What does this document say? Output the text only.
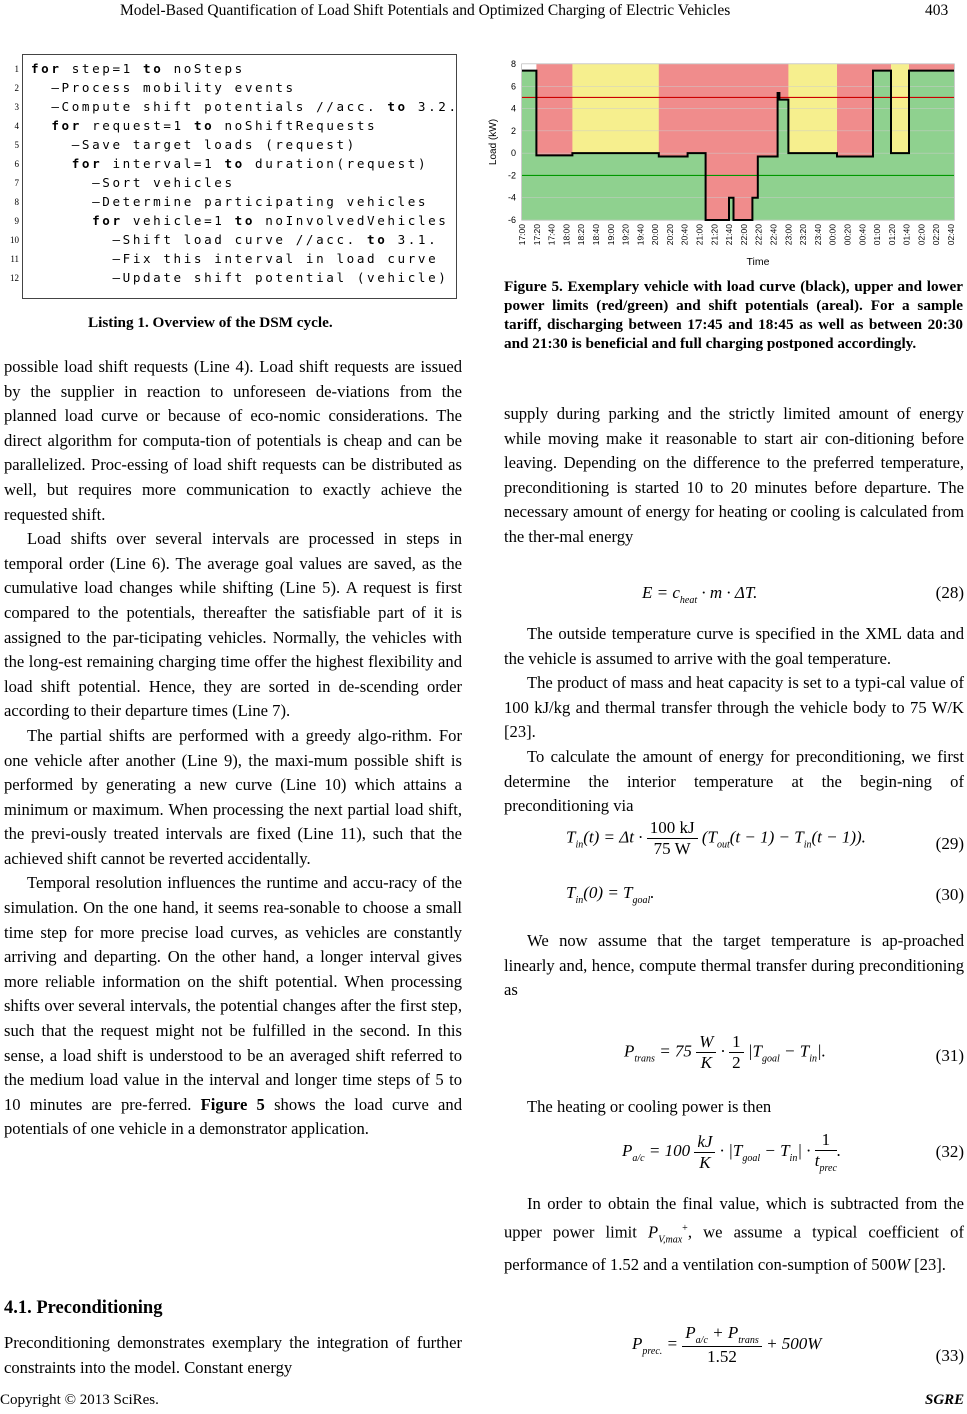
Model-Based Quantification of Load Shift Potentials and Optimized Charging of Electric Vehicles	403
1 for step=1 to noSteps
2 —Process mobility events
3 —Compute shift potentials //acc. to 3.2.
4	for request=1 to noShiftRequests
5 —Save target loads (request)
6	for interval=1 to duration(request)
7 —Sort vehicles
8 —Determine participating vehicles
9	for vehicle=1 to noInvolvedVehicles
10 —Shift load curve //acc. to 3.1.
11 —Fix this interval in load curve
12 —Update shift potential (vehicle)
Listing 1. Overview of the DSM cycle.

possible load shift requests (Line 4). Load shift requests are issued by the supplier in reaction to unforeseen de-viations from the planned load curve or because of eco-nomic considerations. The direct algorithm for computa-tion of potentials is cheap and can be parallelized. Proc-essing of load shift requests can be distributed as well, but requires more communication to exactly achieve the requested shift.

Load shifts over several intervals are processed in steps in temporal order (Line 6). The average goal values are saved, as the cumulative load changes while shifting (Line 5). A request is first compared to the potentials, thereafter the satisfiable part of it is assigned to the par-ticipating vehicles. Normally, the vehicles with the long-est remaining charging time offer the highest flexibility and load shift potential. Hence, they are sorted in de-scending order according to their departure times (Line 7).

The partial shifts are performed with a greedy algo-rithm. For one vehicle after another (Line 9), the maxi-mum possible shift is performed by generating a new curve (Line 10) which attains a minimum or maximum. When processing the next partial load shift, the previ-ously treated intervals are fixed (Line 11), such that the achieved shift cannot be reverted accidentally.

Temporal resolution influences the runtime and accu-racy of the simulation. On the one hand, it seems rea-sonable to choose a small time step for more precise load curves, as vehicles are constantly arriving and departing. On the other hand, a longer interval gives more reliable information on the shift potential. When processing shifts over several intervals, the potential changes after the first step, such that the request might not be fulfilled in the second. In this sense, a load shift is understood to be an averaged shift referred to the medium load value in the interval and longer time steps of 5 to 10 minutes are pre-ferred. Figure 5 shows the load curve and potentials of one vehicle in a demonstrator application.

4.1. Preconditioning
Preconditioning demonstrates exemplary the integration of further constraints into the model. Constant energy
8
6
4
2
0
-2
-4
-6
17:00 17:20 17:40 18:00 18:20 18:40 19:00 19:20 19:40 20:00 20:20 20:40 21:00 21:20 21:40 22:00 22:20 22:40 23:00 23:20 23:40 00:00 00:20 00:40 01:00 01:20 01:40 02:00 02:20 02:40
Load (kW)
Time
Figure 5. Exemplary vehicle with load curve (black), upper and lower power limits (red/green) and shift potentials (areal). For a sample tariff, discharging between 17:45 and 18:45 as well as between 20:30 and 21:30 is beneficial and full charging postponed accordingly.
supply during parking and the strictly limited amount of energy while moving make it reasonable to start air con-ditioning before leaving. Depending on the difference to the preferred temperature, preconditioning is started 10 to 20 minutes before departure. The necessary amount of energy for heating or cooling is calculated from the ther-mal energy
$E = c_{heat} \cdot m \cdot \Delta T$.	(28)

The outside temperature curve is specified in the XML data and the vehicle is assumed to arrive with the goal temperature.

The product of mass and heat capacity is set to a typi-cal value of 100 kJ/kg and thermal transfer through the vehicle body to 75 W/K [23].

To calculate the amount of energy for preconditioning, we first determine the interior temperature at the begin-ning of preconditioning via

$T_{in}(t) = \Delta t \cdot \frac{100 kJ}{75 W} (T_{out}(t - 1) - T_{in}(t - 1))$.	(29)
$T_{in}(0) = T_{goal}$.	(30)

We now assume that the target temperature is ap-proached linearly and, hence, compute thermal transfer during preconditioning as

$P_{trans} = 75 \frac{W}{K} \cdot \frac{1}{2} |T_{goal} - T_{in}|$.	(31)

The heating or cooling power is then

$P_{a/c} = 100 \frac{kJ}{K} \cdot |T_{goal} - T_{in}| \cdot \frac{1}{t_{prec}}$ .	(32)

In order to obtain the final value, which is subtracted from the upper power limit $P_{V,max}^+$, we assume a typical coefficient of performance of 1.52 and a ventilation con-sumption of 500W [23].

$P_{prec.} = \frac{P_{a/c} + P_{trans}}{1.52} + 500W$
(33)
Copyright © 2013 SciRes.	SGRE
